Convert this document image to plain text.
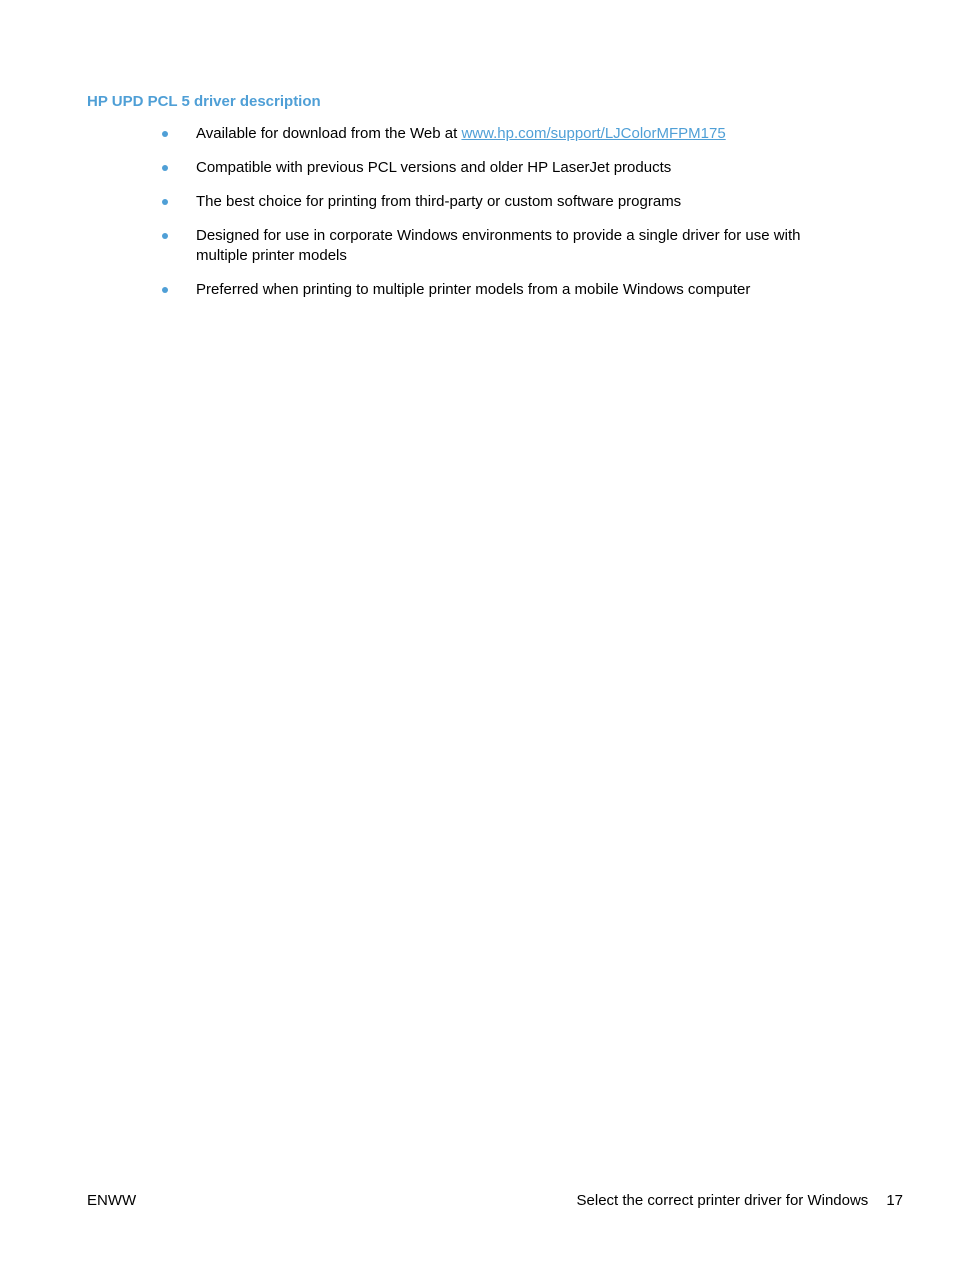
HP UPD PCL 5 driver description
Available for download from the Web at www.hp.com/support/LJColorMFPM175
Compatible with previous PCL versions and older HP LaserJet products
The best choice for printing from third-party or custom software programs
Designed for use in corporate Windows environments to provide a single driver for use with multiple printer models
Preferred when printing to multiple printer models from a mobile Windows computer
ENWW	Select the correct printer driver for Windows 17
